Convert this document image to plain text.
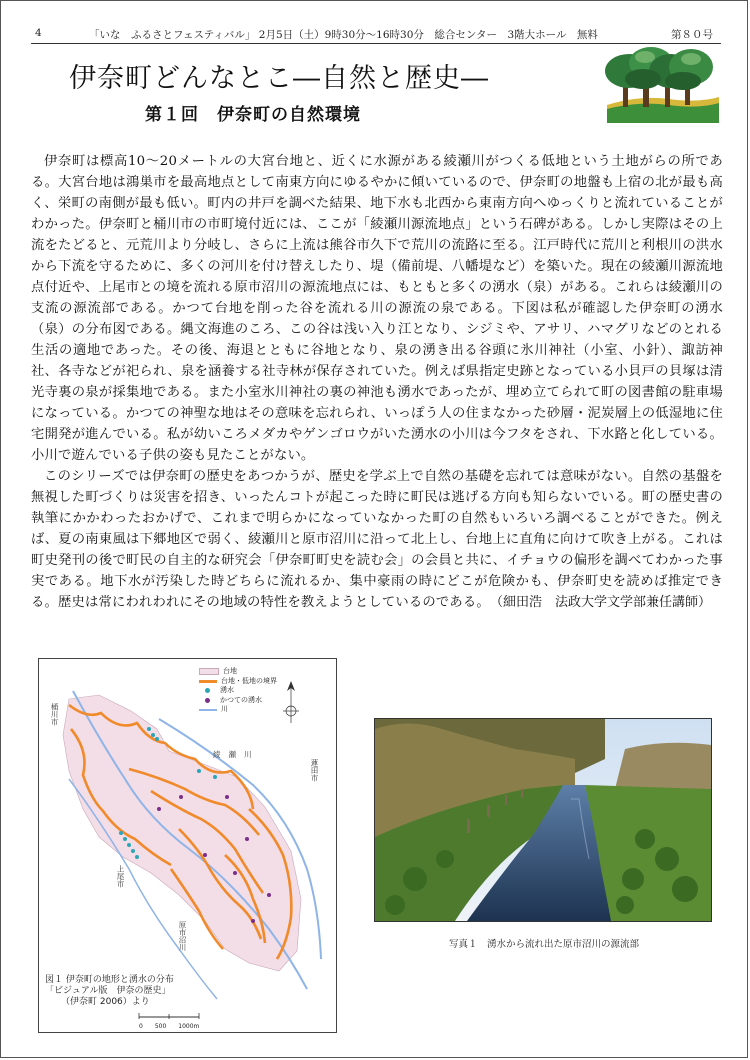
4	「いな　ふるさとフェスティバル」 2月5日（土）9時30分～16時30分　総合センター　3階大ホール　無料	第８０号
伊奈町どんなとこ―自然と歴史―
第１回　伊奈町の自然環境

伊奈町は標高10～20メートルの大宮台地と、近くに水源がある綾瀬川がつくる低地という土地がらの所である。大宮台地は鴻巣市を最高地点として南東方向にゆるやかに傾いているので、伊奈町の地盤も上宿の北が最も高く、栄町の南側が最も低い。町内の井戸を調べた結果、地下水も北西から東南方向へゆっくりと流れていることがわかった。伊奈町と桶川市の市町境付近には、ここが「綾瀬川源流地点」という石碑がある。しかし実際はその上流をたどると、元荒川より分岐し、さらに上流は熊谷市久下で荒川の流路に至る。江戸時代に荒川と利根川の洪水から下流を守るために、多くの河川を付け替えしたり、堤（備前堤、八幡堤など）を築いた。現在の綾瀬川源流地点付近や、上尾市との境を流れる原市沼川の源流地点には、もともと多くの湧水（泉）がある。これらは綾瀬川の支流の源流部である。かつて台地を削った谷を流れる川の源流の泉である。下図は私が確認した伊奈町の湧水（泉）の分布図である。縄文海進のころ、この谷は浅い入り江となり、シジミや、アサリ、ハマグリなどのとれる生活の適地であった。その後、海退とともに谷地となり、泉の湧き出る谷頭に氷川神社（小室、小針）、諏訪神社、各寺などが祀られ、泉を涵養する社寺林が保存されていた。例えば県指定史跡となっている小貝戸の貝塚は清光寺裏の泉が採集地である。また小室氷川神社の裏の神池も湧水であったが、埋め立てられて町の図書館の駐車場になっている。かつての神聖な地はその意味を忘れられ、いっぽう人の住まなかった砂層・泥炭層上の低湿地に住宅開発が進んでいる。私が幼いころメダカやゲンゴロウがいた湧水の小川は今フタをされ、下水路と化している。小川で遊んでいる子供の姿も見たことがない。

このシリーズでは伊奈町の歴史をあつかうが、歴史を学ぶ上で自然の基礎を忘れては意味がない。自然の基盤を無視した町づくりは災害を招き、いったんコトが起こった時に町民は逃げる方向も知らないでいる。町の歴史書の執筆にかかわったおかげで、これまで明らかになっていなかった町の自然もいろいろ調べることができた。例えば、夏の南東風は下郷地区で弱く、綾瀬川と原市沼川に沿って北上し、台地上に直角に向けて吹き上がる。これは町史発刊の後で町民の自主的な研究会「伊奈町町史を読む会」の会員と共に、イチョウの偏形を調べてわかった事実である。地下水が汚染した時どちらに流れるか、集中豪雨の時にどこが危険かも、伊奈町史を読めば推定できる。歴史は常にわれわれにその地域の特性を教えようとしているのである。 （細田浩　法政大学文学部兼任講師）
台地
台地・低地の境界
湧水
かつての湧水
川
桶川市
上尾市
蓮田市
綾瀬川
原市沼川
図１ 伊奈町の地形と湧水の分布
「ビジュアル版　伊奈の歴史」
（伊奈町 2006）より
0　　500　　1000m
写真１　湧水から流れ出た原市沼川の源流部
